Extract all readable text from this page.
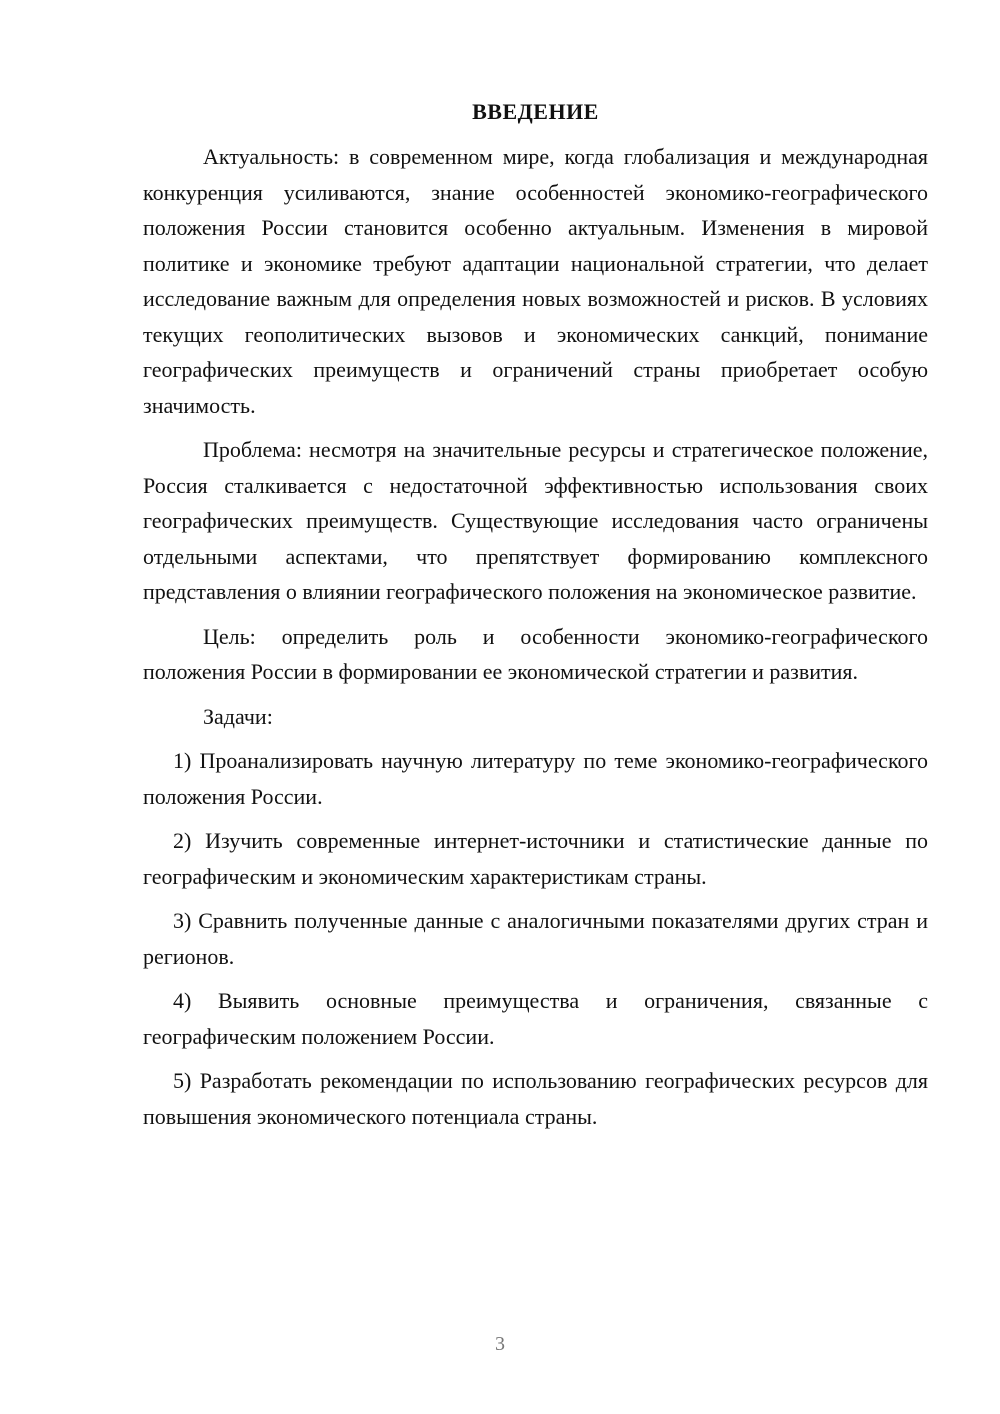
ВВЕДЕНИЕ

Актуальность: в современном мире, когда глобализация и международная конкуренция усиливаются, знание особенностей экономико-географического положения России становится особенно актуальным. Изменения в мировой политике и экономике требуют адаптации национальной стратегии, что делает исследование важным для определения новых возможностей и рисков. В условиях текущих геополитических вызовов и экономических санкций, понимание географических преимуществ и ограничений страны приобретает особую значимость.

Проблема: несмотря на значительные ресурсы и стратегическое положение, Россия сталкивается с недостаточной эффективностью использования своих географических преимуществ. Существующие исследования часто ограничены отдельными аспектами, что препятствует формированию комплексного представления о влиянии географического положения на экономическое развитие.

Цель: определить роль и особенности экономико-географического положения России в формировании ее экономической стратегии и развития.

Задачи:

1) Проанализировать научную литературу по теме экономико-географического положения России.

2) Изучить современные интернет-источники и статистические данные по географическим и экономическим характеристикам страны.

3) Сравнить полученные данные с аналогичными показателями других стран и регионов.

4) Выявить основные преимущества и ограничения, связанные с географическим положением России.

5) Разработать рекомендации по использованию географических ресурсов для повышения экономического потенциала страны.

3
